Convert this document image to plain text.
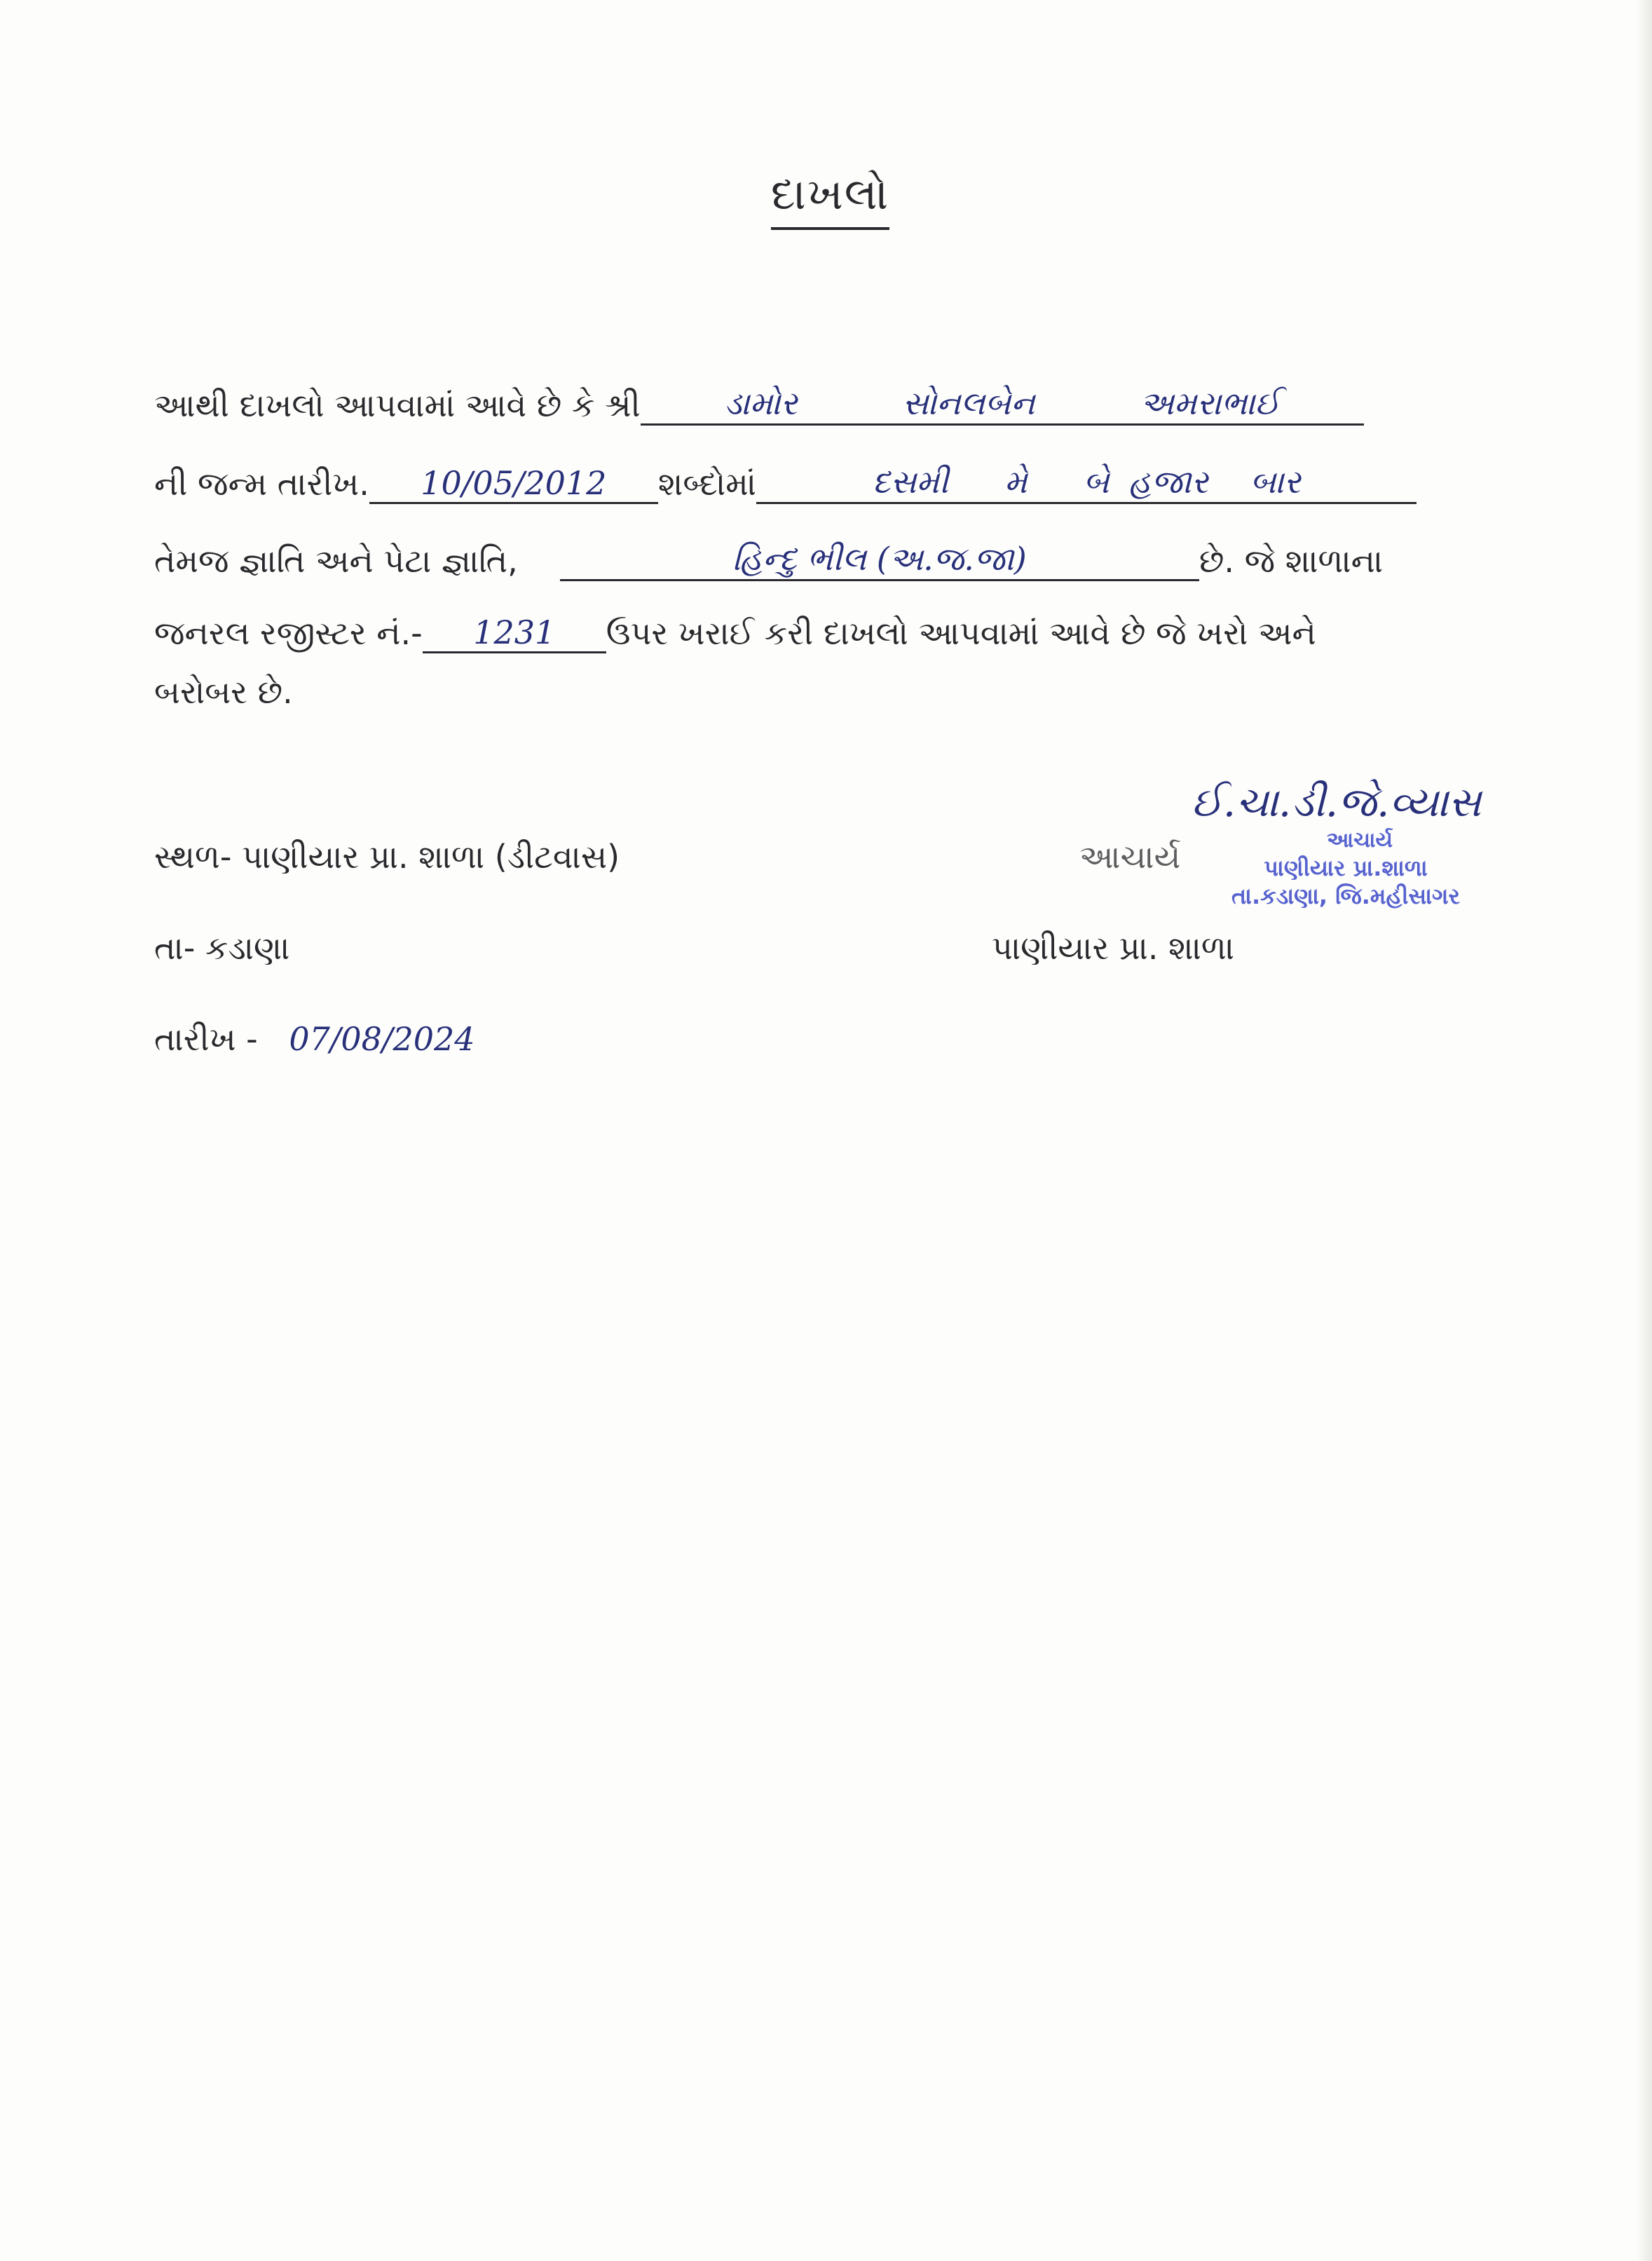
દાખલો
આથી દાખલો આપવામાં આવે છે કે શ્રી	ડામોર	સોનલબેન	અમરાભાઈ
ની જન્મ તારીખ. 10/05/2012 શબ્દોમાં	દસમી મે બે હજાર બાર
તેમજ જ્ઞાતિ અને પેટા જ્ઞાતિ,	હિન્દુ ભીલ (અ.જ.જા)	છે. જે શાળાના
જનરલ રજીસ્ટર નં.- 1231 ઉપર ખરાઈ કરી દાખલો આપવામાં આવે છે જે ખરો અને
બરોબર છે.
ઈ.ચા.ડી.જે.વ્યાસ
આચાર્ય
પાણીયાર પ્રા.શાળા
તા.કડાણા, જિ.મહીસાગર
સ્થળ- પાણીયાર પ્રા. શાળા (ડીટવાસ)	આચાર્ય
તા- કડાણા	પાણીયાર પ્રા. શાળા
તારીખ - 07/08/2024
